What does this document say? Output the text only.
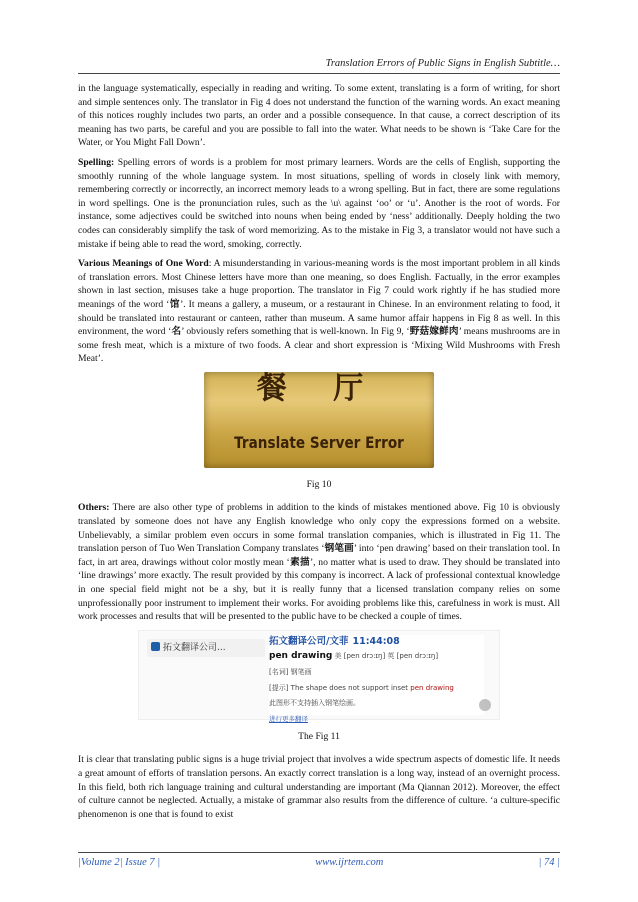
Translation Errors of Public Signs in English Subtitle…

in the language systematically, especially in reading and writing. To some extent, translating is a form of writing, for short and simple sentences only. The translator in Fig 4 does not understand the function of the warning words. An exact meaning of this notices roughly includes two parts, an order and a possible consequence. In that cause, a correct description of its meaning has two parts, be careful and you are possible to fall into the water. What needs to be shown is ‘Take Care for the Water, or You Might Fall Down’.

Spelling: Spelling errors of words is a problem for most primary learners. Words are the cells of English, supporting the smoothly running of the whole language system. In most situations, spelling of words in closely link with memory, remembering correctly or incorrectly, an incorrect memory leads to a wrong spelling. But in fact, there are some regulations in word spellings. One is the pronunciation rules, such as the \u\ against ‘oo’ or ‘u’. Another is the root of words. For instance, some adjectives could be switched into nouns when being ended by ‘ness’ additionally. Deeply holding the two codes can considerably simplify the task of word memorizing. As to the mistake in Fig 3, a translator would not have such a mistake if being able to read the word, smoking, correctly.

Various Meanings of One Word: A misunderstanding in various-meaning words is the most important problem in all kinds of translation errors. Most Chinese letters have more than one meaning, so does English. Factually, in the error examples shown in last section, misuses take a huge proportion. The translator in Fig 7 could work rightly if he has studied more meanings of the word ‘馆’. It means a gallery, a museum, or a restaurant in Chinese. In an environment relating to food, it should be translated into restaurant or canteen, rather than museum. A same humor affair happens in Fig 8 as well. In this environment, the word ‘名’ obviously refers something that is well-known. In Fig 9, ‘野菇嫁鲜肉’ means mushrooms are in some fresh meat, which is a mixture of two foods. A clear and short expression is ‘Mixing Wild Mushrooms with Fresh Meat’.

餐 厅
Translate Server Error
Fig 10

Others: There are also other type of problems in addition to the kinds of mistakes mentioned above. Fig 10 is obviously translated by someone does not have any English knowledge who only copy the expressions formed on a website. Unbelievably, a similar problem even occurs in some formal translation companies, which is illustrated in Fig 11. The translation person of Tuo Wen Translation Company translates ‘钢笔画’ into ‘pen drawing’ based on their translation tool. In fact, in art area, drawings without color mostly mean ‘素描’, no matter what is used to draw. They should be translated into ‘line drawings’ more exactly. The result provided by this company is incorrect. A lack of professional contextual knowledge in one special field might not be a shy, but it is really funny that a licensed translation company relies on some unprofessionally poor instrument to implement their works. For avoiding problems like this, carefulness in work is must. All work processes and results that will be presented to the public have to be checked a couple of times.

拓文翻译公司...
拓文翻译公司/文菲 11:44:08
pen drawing 美 [pen drɔ:ɪŋ] 英 [pen drɔ:ɪŋ]
[名词] 钢笔画
[提示] The shape does not support inset pen drawing
此图形不支持插入钢笔绘画。
进行更多翻译
The Fig 11

It is clear that translating public signs is a huge trivial project that involves a wide spectrum aspects of domestic life. It needs a great amount of efforts of translation persons. An exactly correct translation is a long way, instead of an overnight process. In this field, both rich language training and cultural understanding are important (Ma Qiannan 2012). Moreover, the effect of culture cannot be neglected. Actually, a mistake of grammar also results from the difference of culture. ‘a culture-specific phenomenon is one that is found to exist

|Volume 2| Issue 7 |	www.ijrtem.com	| 74 |
